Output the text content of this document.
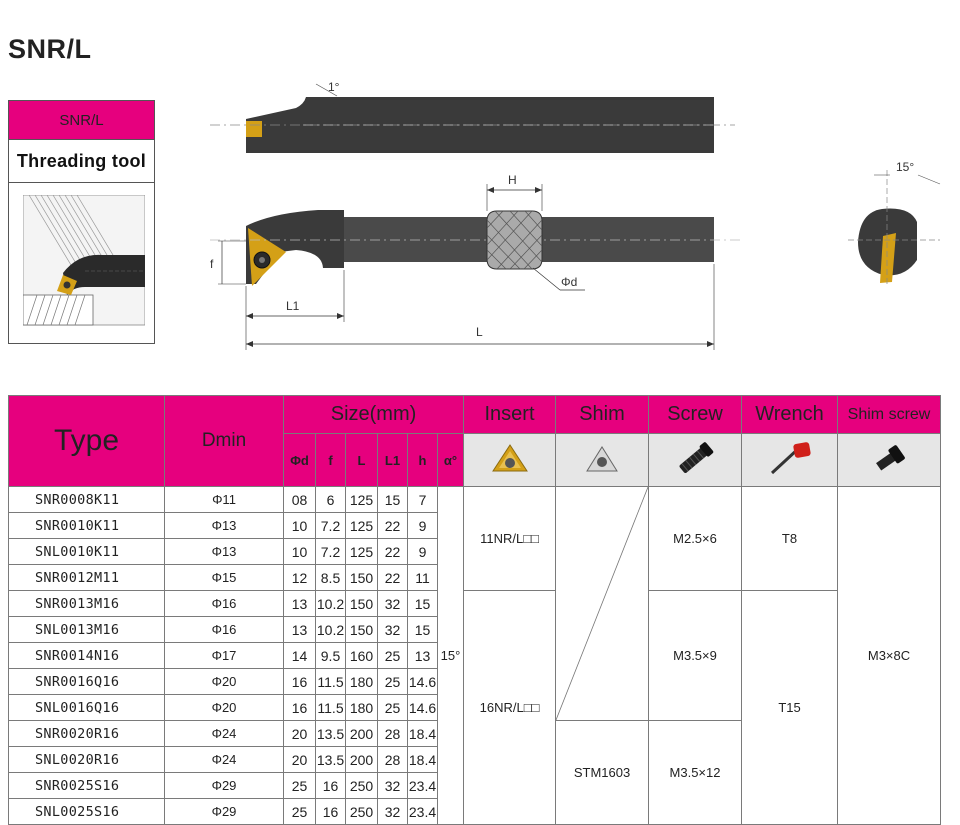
SNR/L
SNR/L
Threading tool
1°
H
f
L1
L
Φd
15°
Type	Dmin	Size(mm)						Insert	Shim	Screw	Wrench	Shim screw
		Φd	f	L	L1	h	α°					
SNR0008K11	Φ11	08	6	125	15	7	15°	11NR/L□□		M2.5×6	T8	M3×8C
SNR0010K11	Φ13	10	7.2	125	22	9						
SNL0010K11	Φ13	10	7.2	125	22	9						
SNR0012M11	Φ15	12	8.5	150	22	11						
SNR0013M16	Φ16	13	10.2	150	32	15		16NR/L□□		M3.5×9	T15	
SNL0013M16	Φ16	13	10.2	150	32	15						
SNR0014N16	Φ17	14	9.5	160	25	13						
SNR0016Q16	Φ20	16	11.5	180	25	14.6						
SNL0016Q16	Φ20	16	11.5	180	25	14.6						
SNR0020R16	Φ24	20	13.5	200	28	18.4			STM1603	M3.5×12		
SNL0020R16	Φ24	20	13.5	200	28	18.4						
SNR0025S16	Φ29	25	16	250	32	23.4						
SNL0025S16	Φ29	25	16	250	32	23.4						
